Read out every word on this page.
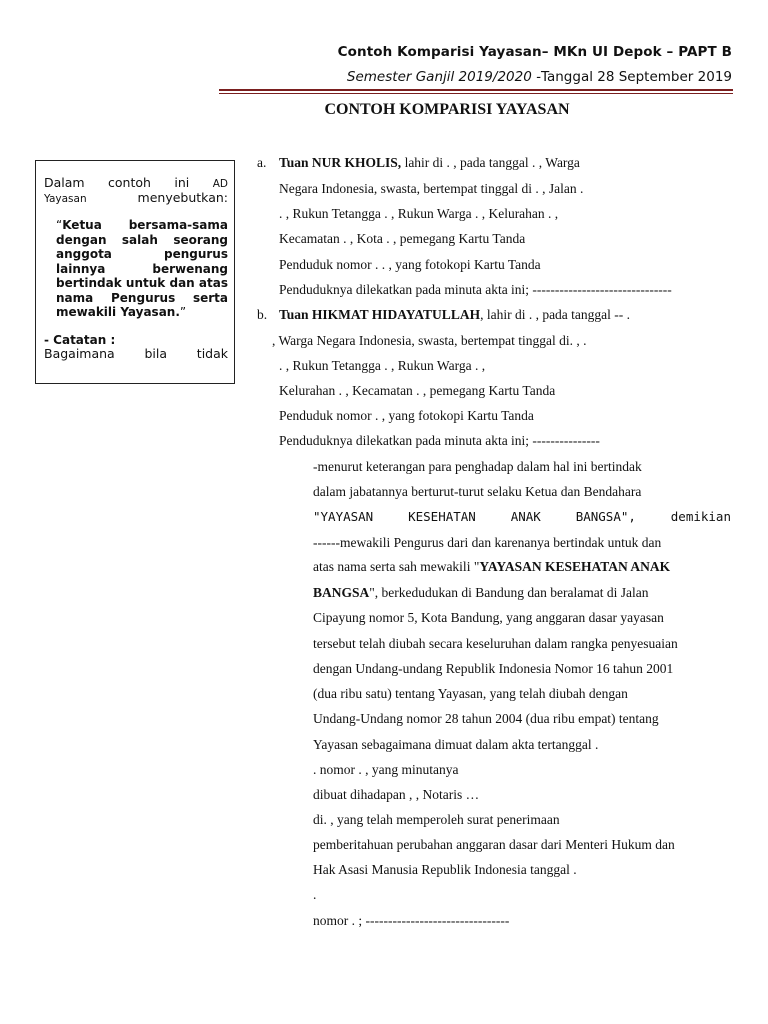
Contoh Komparisi Yayasan– MKn UI Depok – PAPT B
Semester Ganjil 2019/2020 -Tanggal 28 September 2019
CONTOH KOMPARISI YAYASAN
Dalam contoh ini AD
Yayasan	menyebutkan:
“Ketua bersama-sama dengan salah seorang anggota pengurus lainnya berwenang bertindak untuk dan atas nama Pengurus serta mewakili Yayasan.”
- Catatan :
Bagaimana bila tidak
a. Tuan NUR KHOLIS, lahir di . , pada tanggal . , Warga
Negara Indonesia, swasta, bertempat tinggal di . , Jalan .
. , Rukun Tetangga . , Rukun Warga . , Kelurahan . ,
Kecamatan . , Kota . , pemegang Kartu Tanda
Penduduk nomor . . , yang fotokopi Kartu Tanda
Penduduknya dilekatkan pada minuta akta ini; -------------------------------
b. Tuan HIKMAT HIDAYATULLAH, lahir di . , pada tanggal -- .
, Warga Negara Indonesia, swasta, bertempat tinggal di. , .
. , Rukun Tetangga . , Rukun Warga . ,
Kelurahan . , Kecamatan . , pemegang Kartu Tanda
Penduduk nomor . , yang fotokopi Kartu Tanda
Penduduknya dilekatkan pada minuta akta ini; ---------------
-menurut keterangan para penghadap dalam hal ini bertindak
dalam jabatannya berturut-turut selaku Ketua dan Bendahara
"YAYASAN KESEHATAN ANAK BANGSA", demikian
------mewakili Pengurus dari dan karenanya bertindak untuk dan
atas nama serta sah mewakili "YAYASAN KESEHATAN ANAK
BANGSA", berkedudukan di Bandung dan beralamat di Jalan
Cipayung nomor 5, Kota Bandung, yang anggaran dasar yayasan
tersebut telah diubah secara keseluruhan dalam rangka penyesuaian
dengan Undang-undang Republik Indonesia Nomor 16 tahun 2001
(dua ribu satu) tentang Yayasan, yang telah diubah dengan
Undang-Undang nomor 28 tahun 2004 (dua ribu empat) tentang
Yayasan sebagaimana dimuat dalam akta tertanggal .
. nomor . , yang minutanya
dibuat dihadapan , , Notaris …
di. , yang telah memperoleh surat penerimaan
pemberitahuan perubahan anggaran dasar dari Menteri Hukum dan
Hak Asasi Manusia Republik Indonesia tanggal .
.
nomor . ; --------------------------------
